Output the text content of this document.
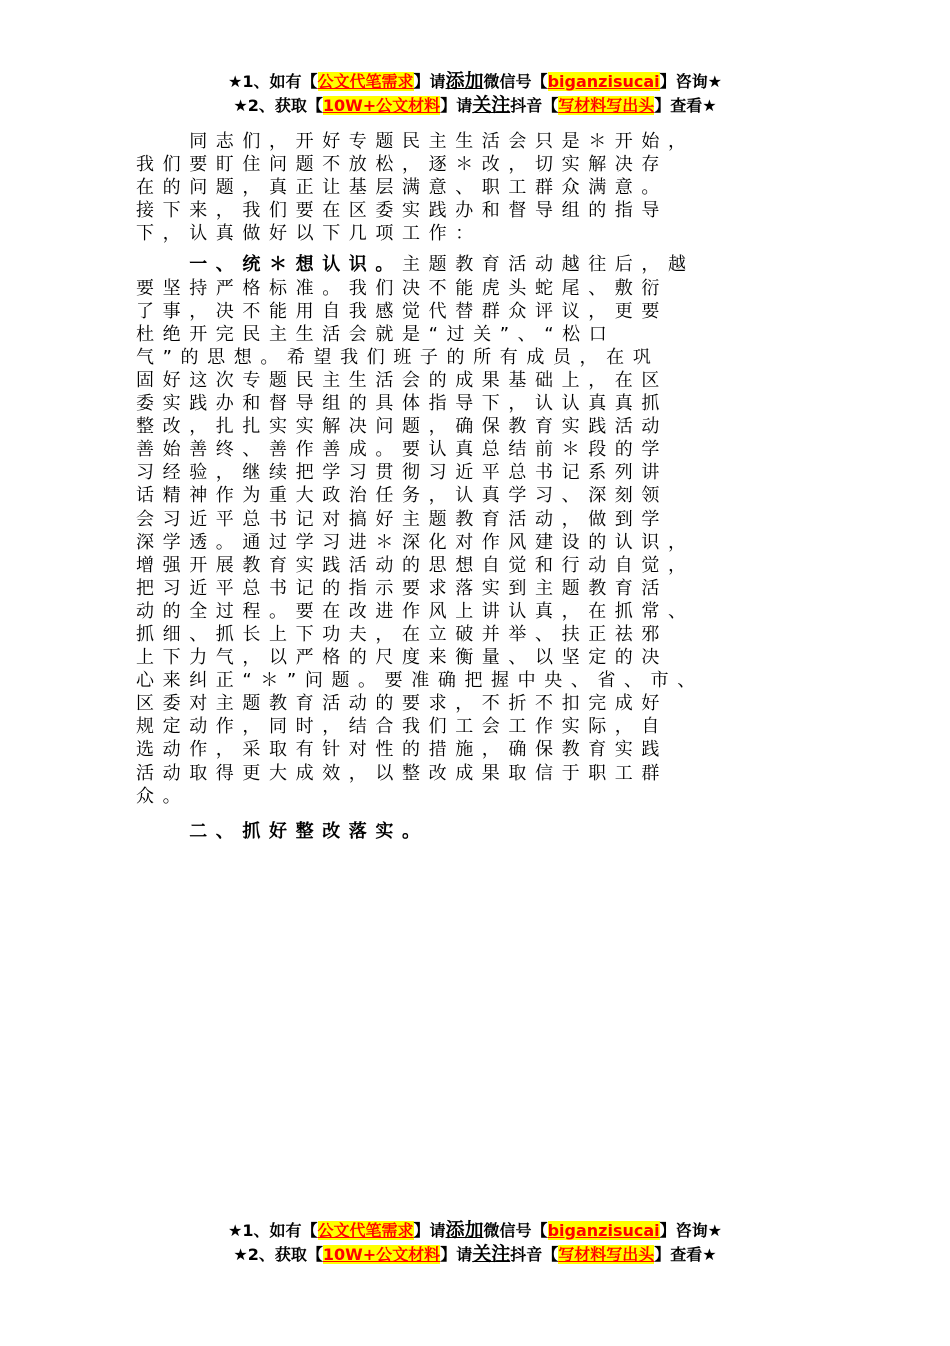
★1、如有【公文代笔需求】请添加微信号【biganzisucai】咨询★
★2、获取【10W+公文材料】请关注抖音【写材料写出头】查看★
　　同志们，开好专题民主生活会只是＊开始，
我们要盯住问题不放松，逐＊改，切实解决存
在的问题，真正让基层满意、职工群众满意。
接下来，我们要在区委实践办和督导组的指导
下，认真做好以下几项工作：
　　一、统＊想认识。主题教育活动越往后，越
要坚持严格标准。我们决不能虎头蛇尾、敷衍
了事，决不能用自我感觉代替群众评议，更要
杜绝开完民主生活会就是“过关”、“松口
气”的思想。希望我们班子的所有成员，在巩
固好这次专题民主生活会的成果基础上，在区
委实践办和督导组的具体指导下，认认真真抓
整改，扎扎实实解决问题，确保教育实践活动
善始善终、善作善成。要认真总结前＊段的学
习经验，继续把学习贯彻习近平总书记系列讲
话精神作为重大政治任务，认真学习、深刻领
会习近平总书记对搞好主题教育活动，做到学
深学透。通过学习进＊深化对作风建设的认识，
增强开展教育实践活动的思想自觉和行动自觉，
把习近平总书记的指示要求落实到主题教育活
动的全过程。要在改进作风上讲认真，在抓常、
抓细、抓长上下功夫，在立破并举、扶正祛邪
上下力气，以严格的尺度来衡量、以坚定的决
心来纠正“＊”问题。要准确把握中央、省、市、
区委对主题教育活动的要求，不折不扣完成好
规定动作，同时，结合我们工会工作实际，自
选动作，采取有针对性的措施，确保教育实践
活动取得更大成效，以整改成果取信于职工群
众。
　　二、抓好整改落实。
★1、如有【公文代笔需求】请添加微信号【biganzisucai】咨询★
★2、获取【10W+公文材料】请关注抖音【写材料写出头】查看★
